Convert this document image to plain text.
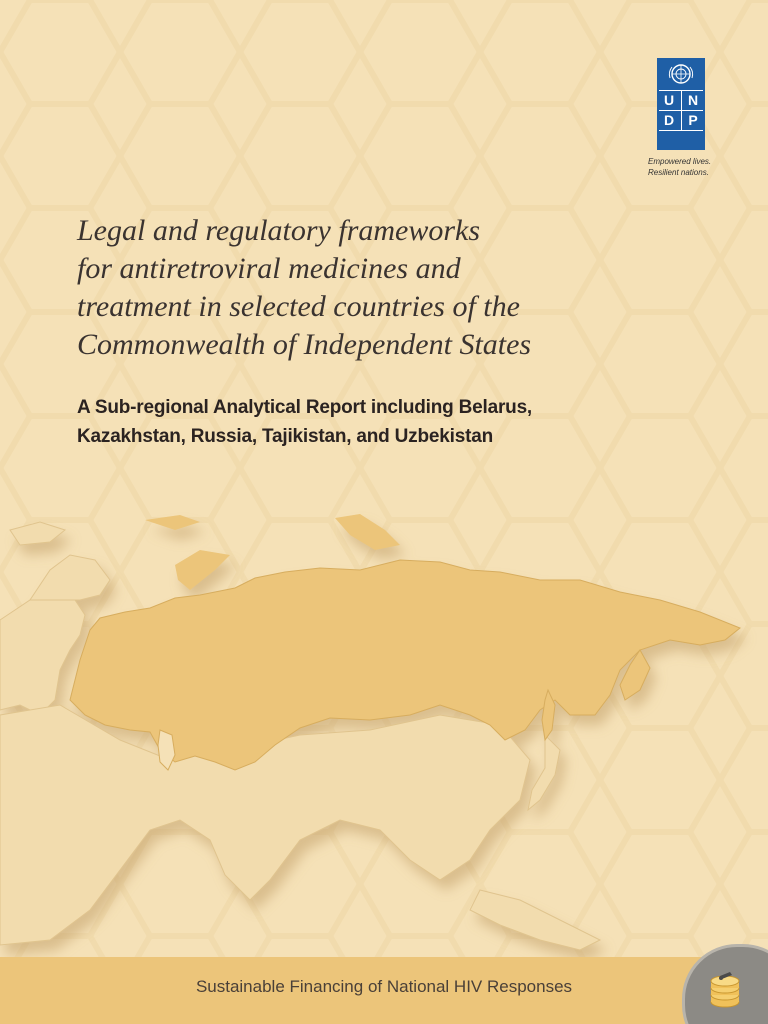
U N
D P
Empowered lives.
Resilient nations.
Legal and regulatory frameworks
for antiretroviral medicines and
treatment in selected countries of the
Commonwealth of Independent States
A Sub-regional Analytical Report including Belarus,
Kazakhstan, Russia, Tajikistan, and Uzbekistan
Sustainable Financing of National HIV Responses
